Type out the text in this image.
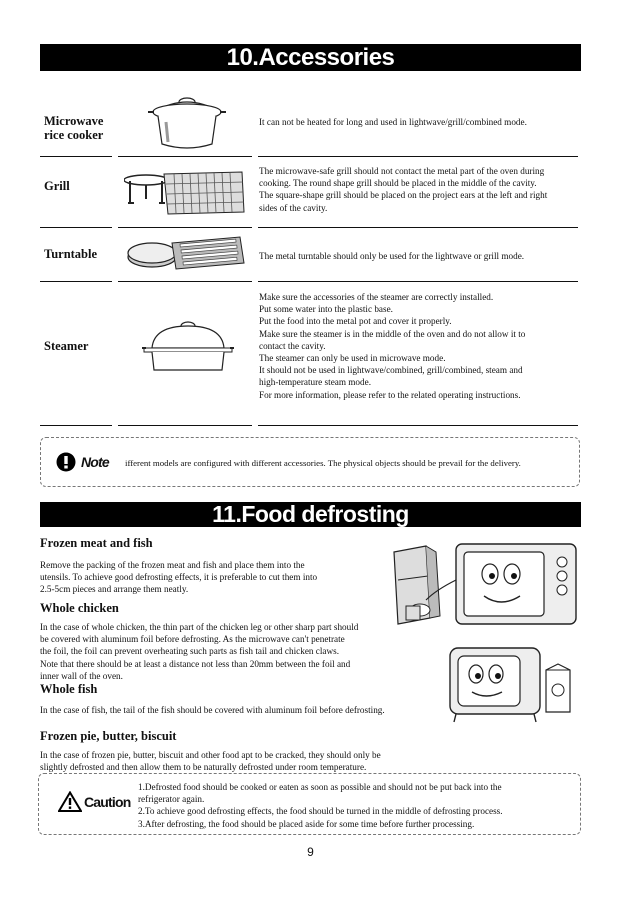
10.Accessories
Microwave
rice cooker
It can not be heated for long and used in lightwave/grill/combined mode.
Grill
The microwave-safe grill should not contact the metal part of the oven during
cooking. The round shape grill should be placed in the middle of the cavity.
The square-shape grill should be placed on the project ears at the left and right
sides of the cavity.
Turntable	The metal turntable should only be used for the lightwave or grill mode.
Steamer
Make sure the accessories of the steamer are correctly installed.
Put some water into the plastic base.
Put the food into the metal pot and cover it properly.
Make sure the steamer is in the middle of the oven and do not allow it to
contact the cavity.
The steamer can only be used in microwave mode.
It should not be used in lightwave/combined, grill/combined, steam and
high-temperature steam mode.
For more information, please refer to the related operating instructions.
Note ifferent models are configured with different accessories. The physical objects should be prevail for the delivery.
11.Food defrosting
Frozen meat and fish
Remove the packing of the frozen meat and fish and place them into the
utensils. To achieve good defrosting effects, it is preferable to cut them into
2.5-5cm pieces and arrange them neatly.
Whole chicken
In the case of whole chicken, the thin part of the chicken leg or other sharp part should
be covered with aluminum foil before defrosting. As the microwave can't penetrate
the foil, the foil can prevent overheating such parts as fish tail and chicken claws.
Note that there should be at least a distance not less than 20mm between the foil and
inner wall of the oven.
Whole fish
In the case of fish, the tail of the fish should be covered with aluminum foil before defrosting.
Frozen pie, butter, biscuit
In the case of frozen pie, butter, biscuit and other food apt to be cracked, they should only be
slightly defrosted and then allow them to be naturally defrosted under room temperature.
Caution
1.Defrosted food should be cooked or eaten as soon as possible and should not be put back into the
refrigerator again.
2.To achieve good defrosting effects, the food should be turned in the middle of defrosting process.
3.After defrosting, the food should be placed aside for some time before further processing.
9
